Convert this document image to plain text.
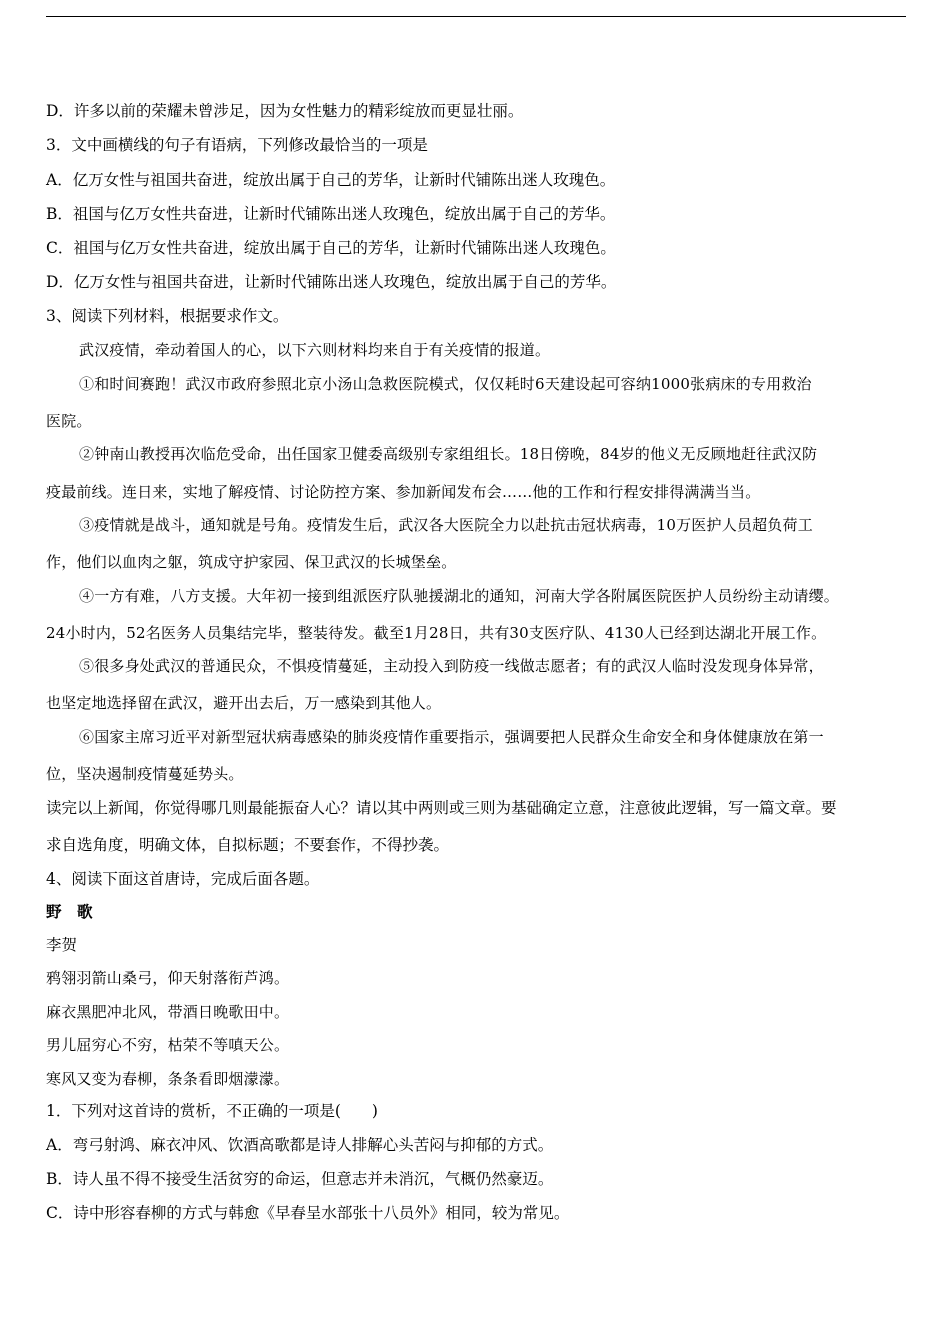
D．许多以前的荣耀未曾涉足，因为女性魅力的精彩绽放而更显壮丽。
3．文中画横线的句子有语病，下列修改最恰当的一项是
A．亿万女性与祖国共奋进，绽放出属于自己的芳华，让新时代铺陈出迷人玫瑰色。
B．祖国与亿万女性共奋进，让新时代铺陈出迷人玫瑰色，绽放出属于自己的芳华。
C．祖国与亿万女性共奋进，绽放出属于自己的芳华，让新时代铺陈出迷人玫瑰色。
D．亿万女性与祖国共奋进，让新时代铺陈出迷人玫瑰色，绽放出属于自己的芳华。
3、阅读下列材料，根据要求作文。
武汉疫情，牵动着国人的心，以下六则材料均来自于有关疫情的报道。
①和时间赛跑！武汉市政府参照北京小汤山急救医院模式，仅仅耗时6天建设起可容纳1000张病床的专用救治
医院。
②钟南山教授再次临危受命，出任国家卫健委高级别专家组组长。18日傍晚，84岁的他义无反顾地赶往武汉防
疫最前线。连日来，实地了解疫情、讨论防控方案、参加新闻发布会……他的工作和行程安排得满满当当。
③疫情就是战斗，通知就是号角。疫情发生后，武汉各大医院全力以赴抗击冠状病毒，10万医护人员超负荷工
作，他们以血肉之躯，筑成守护家园、保卫武汉的长城堡垒。
④一方有难，八方支援。大年初一接到组派医疗队驰援湖北的通知，河南大学各附属医院医护人员纷纷主动请缨。
24小时内，52名医务人员集结完毕，整装待发。截至1月28日，共有30支医疗队、4130人已经到达湖北开展工作。
⑤很多身处武汉的普通民众，不惧疫情蔓延，主动投入到防疫一线做志愿者；有的武汉人临时没发现身体异常，
也坚定地选择留在武汉，避开出去后，万一感染到其他人。
⑥国家主席习近平对新型冠状病毒感染的肺炎疫情作重要指示，强调要把人民群众生命安全和身体健康放在第一
位，坚决遏制疫情蔓延势头。
读完以上新闻，你觉得哪几则最能振奋人心？请以其中两则或三则为基础确定立意，注意彼此逻辑，写一篇文章。要
求自选角度，明确文体，自拟标题；不要套作，不得抄袭。
4、阅读下面这首唐诗，完成后面各题。
野　歌
李贺
鸦翎羽箭山桑弓，仰天射落衔芦鸿。
麻衣黑肥冲北风，带酒日晚歌田中。
男儿屈穷心不穷，枯荣不等嗔天公。
寒风又变为春柳，条条看即烟濛濛。
1．下列对这首诗的赏析，不正确的一项是(　　)
A．弯弓射鸿、麻衣冲风、饮酒高歌都是诗人排解心头苦闷与抑郁的方式。
B．诗人虽不得不接受生活贫穷的命运，但意志并未消沉，气概仍然豪迈。
C．诗中形容春柳的方式与韩愈《早春呈水部张十八员外》相同，较为常见。
